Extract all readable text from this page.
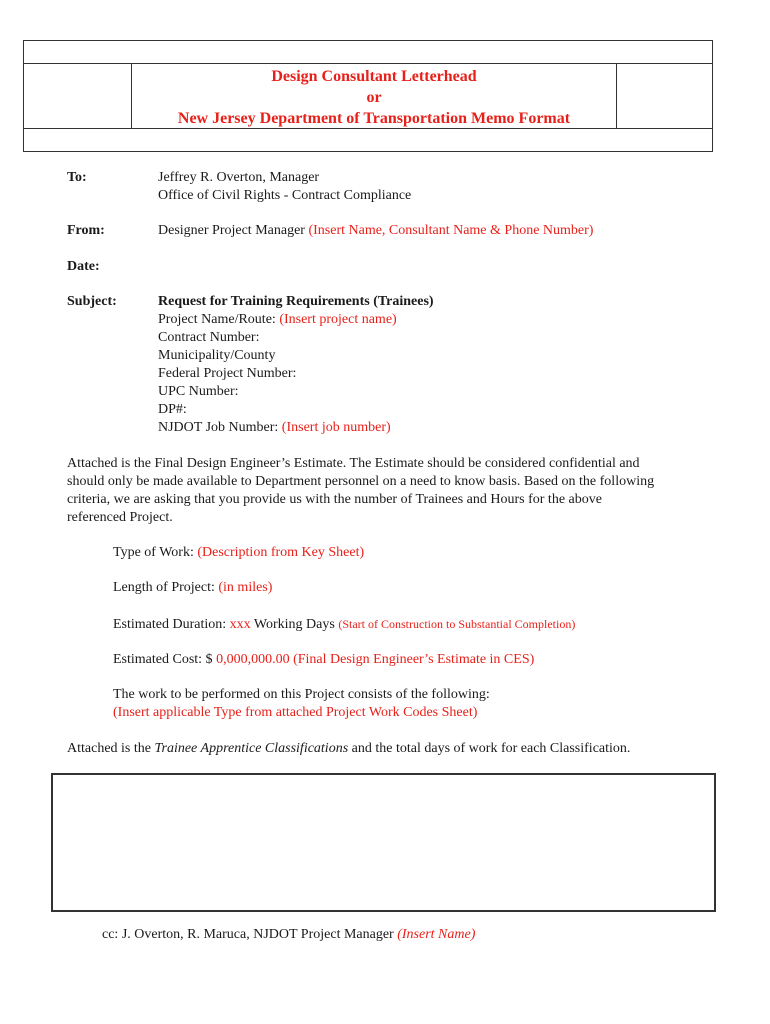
Design Consultant Letterhead
or
New Jersey Department of Transportation Memo Format
To:	Jeffrey R. Overton, Manager
Office of Civil Rights - Contract Compliance
From:	Designer Project Manager (Insert Name, Consultant Name & Phone Number)
Date:
Subject:	Request for Training Requirements (Trainees)
Project Name/Route: (Insert project name)
Contract Number:
Municipality/County
Federal Project Number:
UPC Number:
DP#:
NJDOT Job Number: (Insert job number)
Attached is the Final Design Engineer’s Estimate. The Estimate should be considered confidential and
should only be made available to Department personnel on a need to know basis. Based on the following
criteria, we are asking that you provide us with the number of Trainees and Hours for the above
referenced Project.
Type of Work: (Description from Key Sheet)
Length of Project: (in miles)
Estimated Duration: xxx Working Days (Start of Construction to Substantial Completion)
Estimated Cost: $ 0,000,000.00 (Final Design Engineer’s Estimate in CES)
The work to be performed on this Project consists of the following:
(Insert applicable Type from attached Project Work Codes Sheet)
Attached is the Trainee Apprentice Classifications and the total days of work for each Classification.
cc: J. Overton, R. Maruca, NJDOT Project Manager (Insert Name)
